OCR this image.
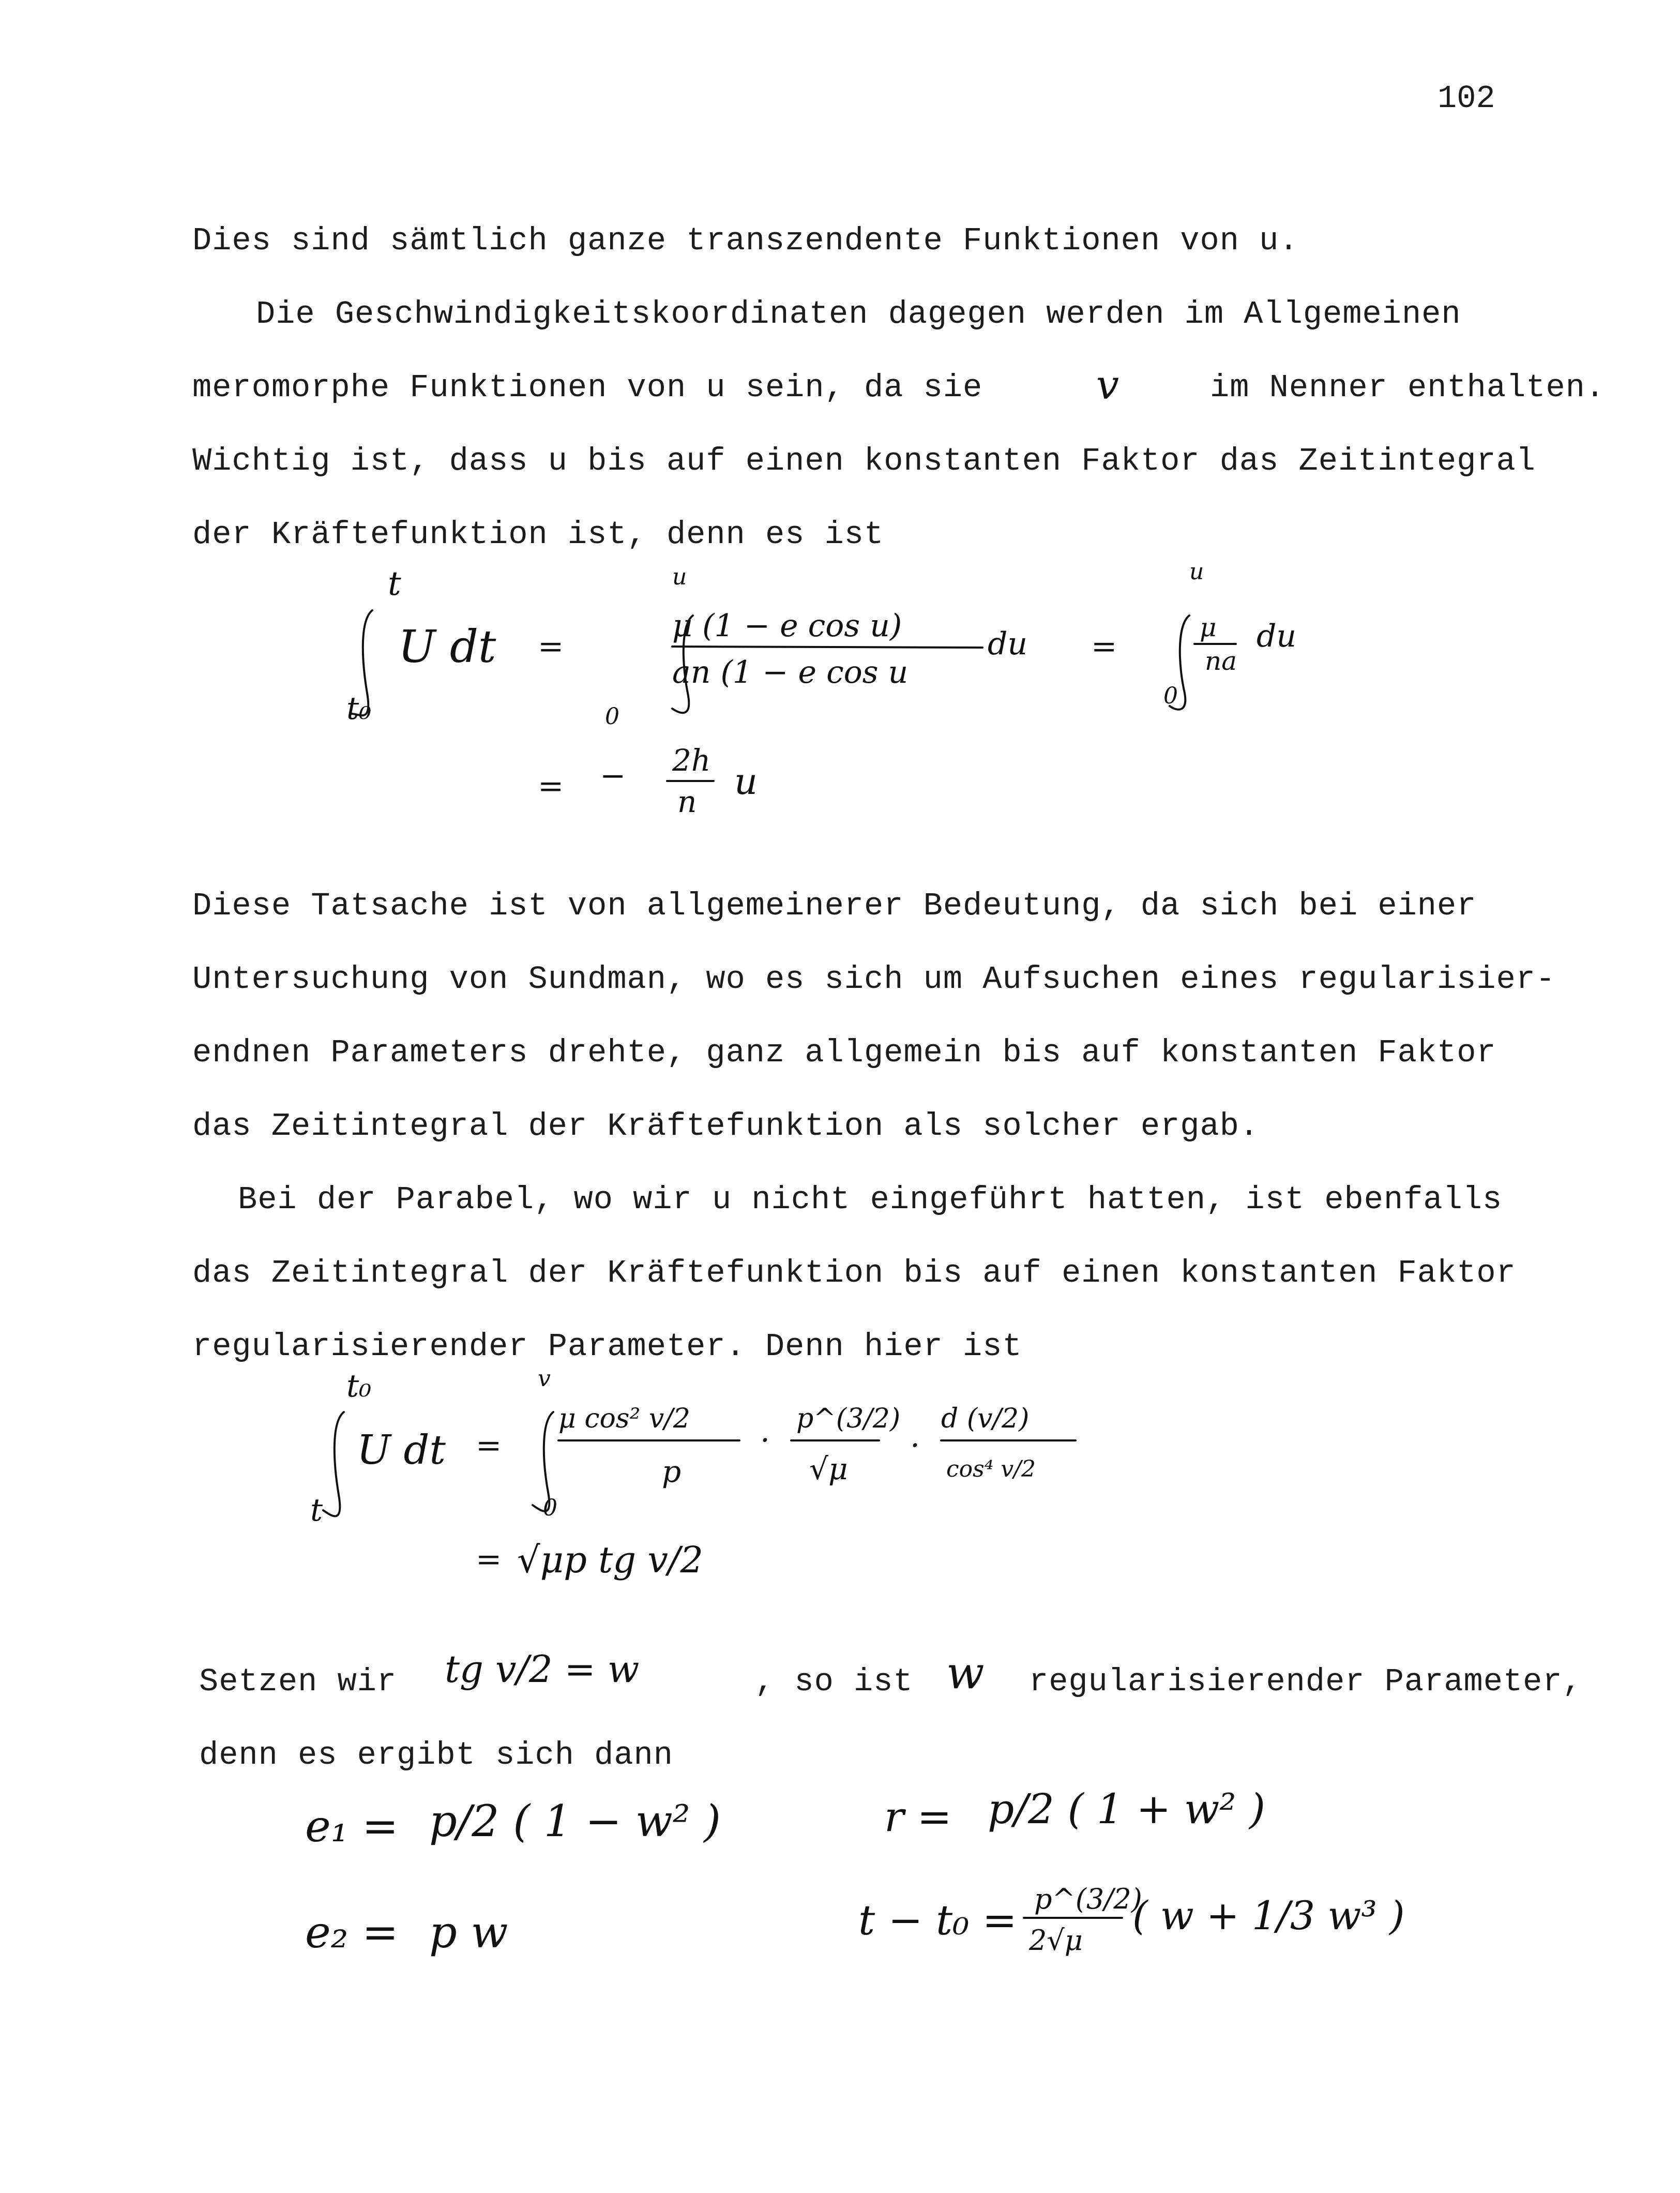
102
Dies sind sämtlich ganze transzendente Funktionen von u.
Die Geschwindigkeitskoordinaten dagegen werden im Allgemeinen
meromorphe Funktionen von u sein, da sie	v	im Nenner enthalten.
Wichtig ist, dass u bis auf einen konstanten Faktor das Zeitintegral
der Kräftefunktion ist, denn es ist
t
t₀
U dt =
u
0
μ (1 − e cos u)
an (1 − e cos u
du =
u
0
μ
na
du
= − 2h
n u
Diese Tatsache ist von allgemeinerer Bedeutung, da sich bei einer
Untersuchung von Sundman, wo es sich um Aufsuchen eines regularisier-
endnen Parameters drehte, ganz allgemein bis auf konstanten Faktor
das Zeitintegral der Kräftefunktion als solcher ergab.
Bei der Parabel, wo wir u nicht eingeführt hatten, ist ebenfalls
das Zeitintegral der Kräftefunktion bis auf einen konstanten Faktor
regularisierender Parameter. Denn hier ist
t₀
t
U dt =
v
0
μ cos² v/2
p
·
p^(3/2)
√μ
·
d (v/2)
cos⁴ v/2
= √μp tg v/2
Setzen wir tg v/2 = w	, so ist w regularisierender Parameter,
denn es ergibt sich dann
e₁ = p/2 ( 1 − w² )
e₂ = p w
r = p/2 ( 1 + w² )
t − t₀ = p^(3/2)
2√μ
( w + 1/3 w³ )
